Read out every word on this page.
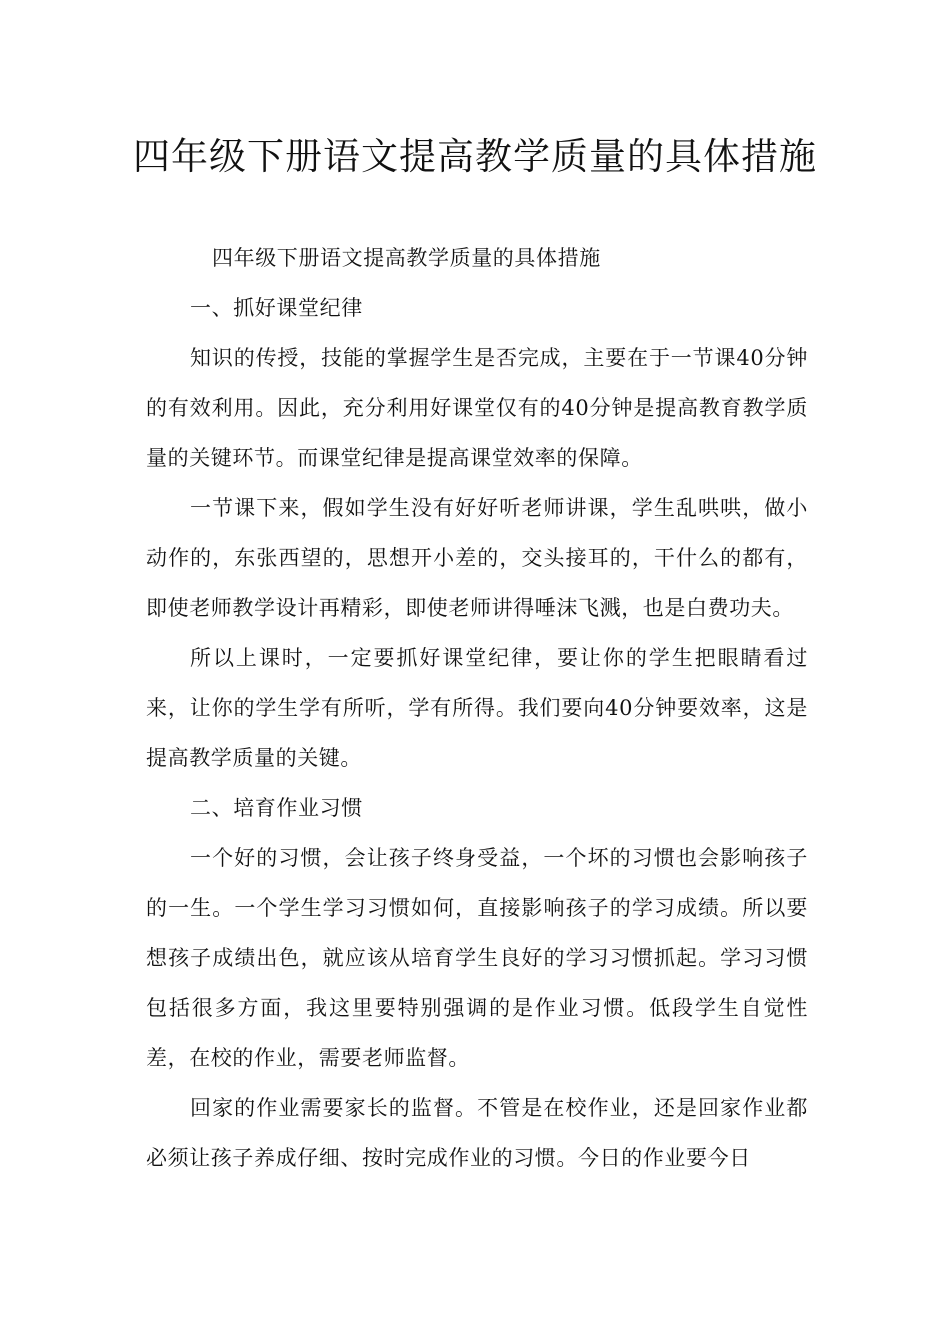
四年级下册语文提高教学质量的具体措施

四年级下册语文提高教学质量的具体措施

一、抓好课堂纪律

知识的传授，技能的掌握学生是否完成，主要在于一节课40分钟的有效利用。因此，充分利用好课堂仅有的40分钟是提高教育教学质量的关键环节。而课堂纪律是提高课堂效率的保障。

一节课下来，假如学生没有好好听老师讲课，学生乱哄哄，做小动作的，东张西望的，思想开小差的，交头接耳的，干什么的都有，即使老师教学设计再精彩，即使老师讲得唾沫飞溅，也是白费功夫。

所以上课时，一定要抓好课堂纪律，要让你的学生把眼睛看过来，让你的学生学有所听，学有所得。我们要向40分钟要效率，这是提高教学质量的关键。

二、培育作业习惯

一个好的习惯，会让孩子终身受益，一个坏的习惯也会影响孩子的一生。一个学生学习习惯如何，直接影响孩子的学习成绩。所以要想孩子成绩出色，就应该从培育学生良好的学习习惯抓起。学习习惯包括很多方面，我这里要特别强调的是作业习惯。低段学生自觉性差，在校的作业，需要老师监督。

回家的作业需要家长的监督。不管是在校作业，还是回家作业都必须让孩子养成仔细、按时完成作业的习惯。今日的作业要今日
